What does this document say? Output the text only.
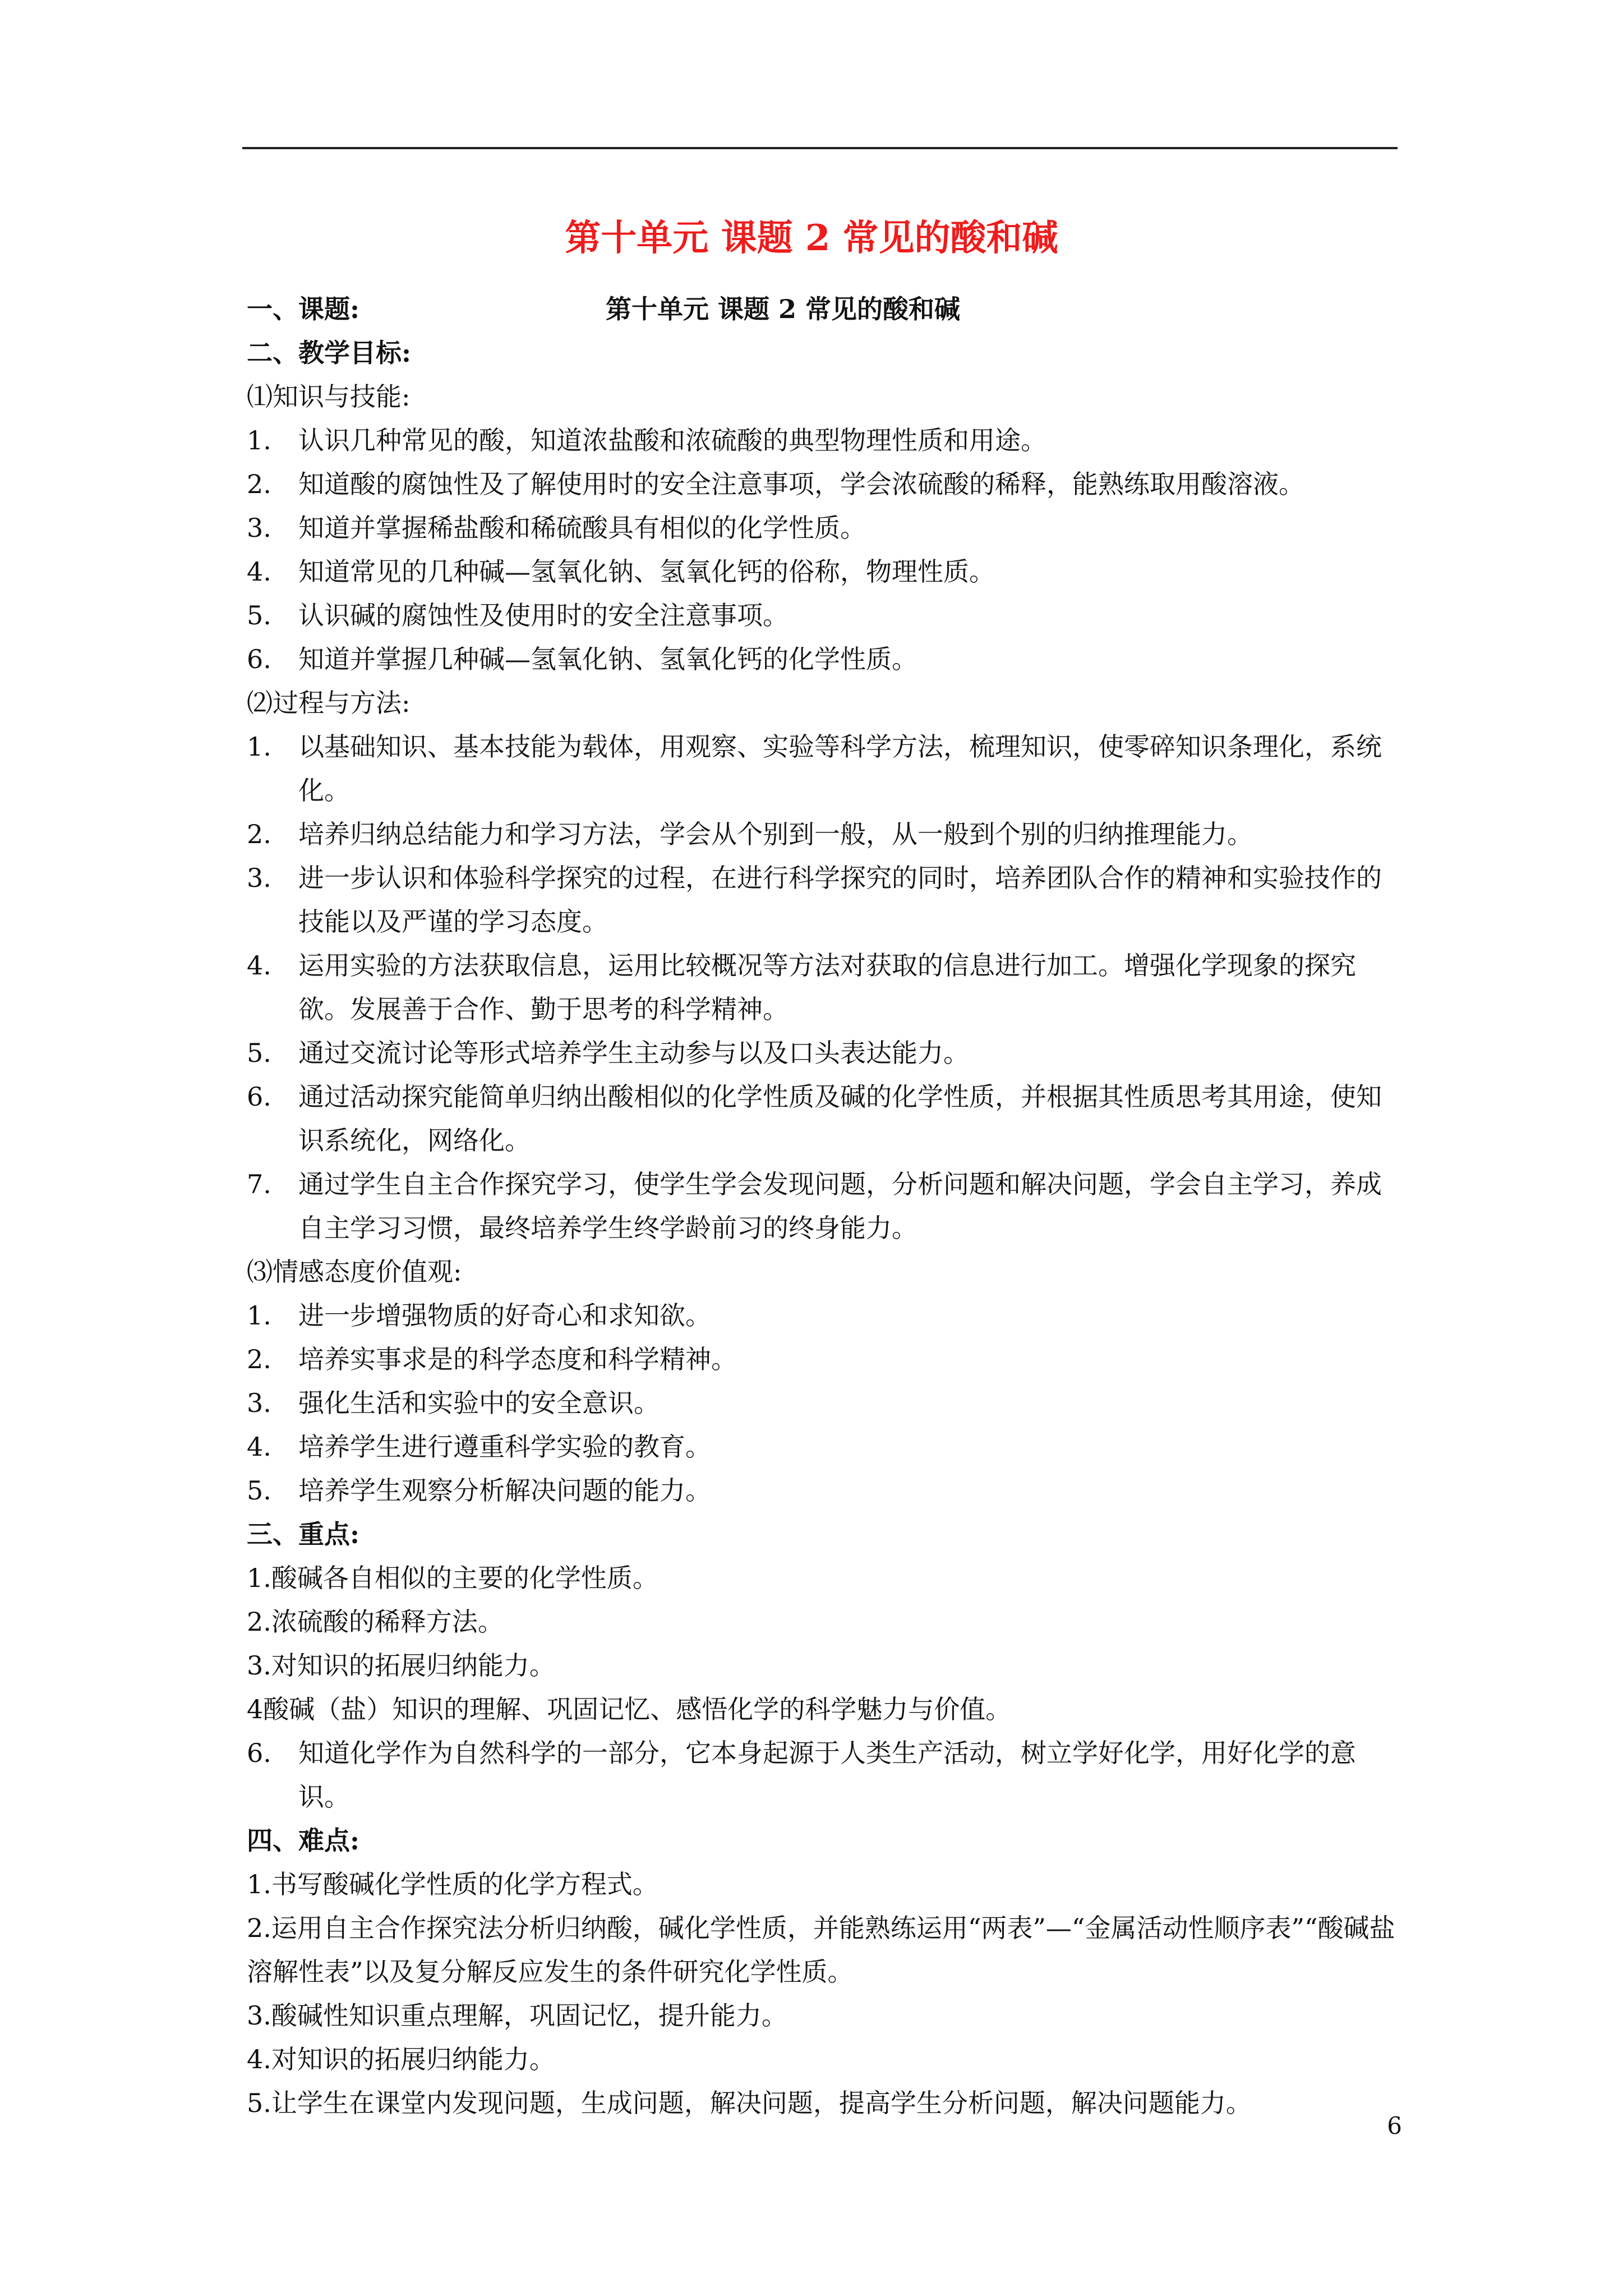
第十单元 课题 2 常见的酸和碱
一、课题:	第十单元 课题 2 常见的酸和碱
二、教学目标:
⑴知识与技能:
1.	认识几种常见的酸，知道浓盐酸和浓硫酸的典型物理性质和用途。
2.	知道酸的腐蚀性及了解使用时的安全注意事项，学会浓硫酸的稀释，能熟练取用酸溶液。
3.	知道并掌握稀盐酸和稀硫酸具有相似的化学性质。
4.	知道常见的几种碱—氢氧化钠、氢氧化钙的俗称，物理性质。
5.	认识碱的腐蚀性及使用时的安全注意事项。
6.	知道并掌握几种碱—氢氧化钠、氢氧化钙的化学性质。
⑵过程与方法:
1.	以基础知识、基本技能为载体，用观察、实验等科学方法，梳理知识，使零碎知识条理化，系统化。
2.	培养归纳总结能力和学习方法，学会从个别到一般，从一般到个别的归纳推理能力。
3.	进一步认识和体验科学探究的过程，在进行科学探究的同时，培养团队合作的精神和实验技作的技能以及严谨的学习态度。
4.	运用实验的方法获取信息，运用比较概况等方法对获取的信息进行加工。增强化学现象的探究欲。发展善于合作、勤于思考的科学精神。
5.	通过交流讨论等形式培养学生主动参与以及口头表达能力。
6.	通过活动探究能简单归纳出酸相似的化学性质及碱的化学性质，并根据其性质思考其用途，使知识系统化，网络化。
7.	通过学生自主合作探究学习，使学生学会发现问题，分析问题和解决问题，学会自主学习，养成自主学习习惯，最终培养学生终学龄前习的终身能力。
⑶情感态度价值观:
1.	进一步增强物质的好奇心和求知欲。
2.	培养实事求是的科学态度和科学精神。
3.	强化生活和实验中的安全意识。
4.	培养学生进行遵重科学实验的教育。
5.	培养学生观察分析解决问题的能力。
三、重点:
1.酸碱各自相似的主要的化学性质。
2.浓硫酸的稀释方法。
3.对知识的拓展归纳能力。
4酸碱（盐）知识的理解、巩固记忆、感悟化学的科学魅力与价值。
6.	知道化学作为自然科学的一部分，它本身起源于人类生产活动，树立学好化学，用好化学的意识。
四、难点:
1.书写酸碱化学性质的化学方程式。
2.运用自主合作探究法分析归纳酸，碱化学性质，并能熟练运用“两表”—“金属活动性顺序表”“酸碱盐溶解性表”以及复分解反应发生的条件研究化学性质。
3.酸碱性知识重点理解，巩固记忆，提升能力。
4.对知识的拓展归纳能力。
5.让学生在课堂内发现问题，生成问题，解决问题，提高学生分析问题，解决问题能力。
6
